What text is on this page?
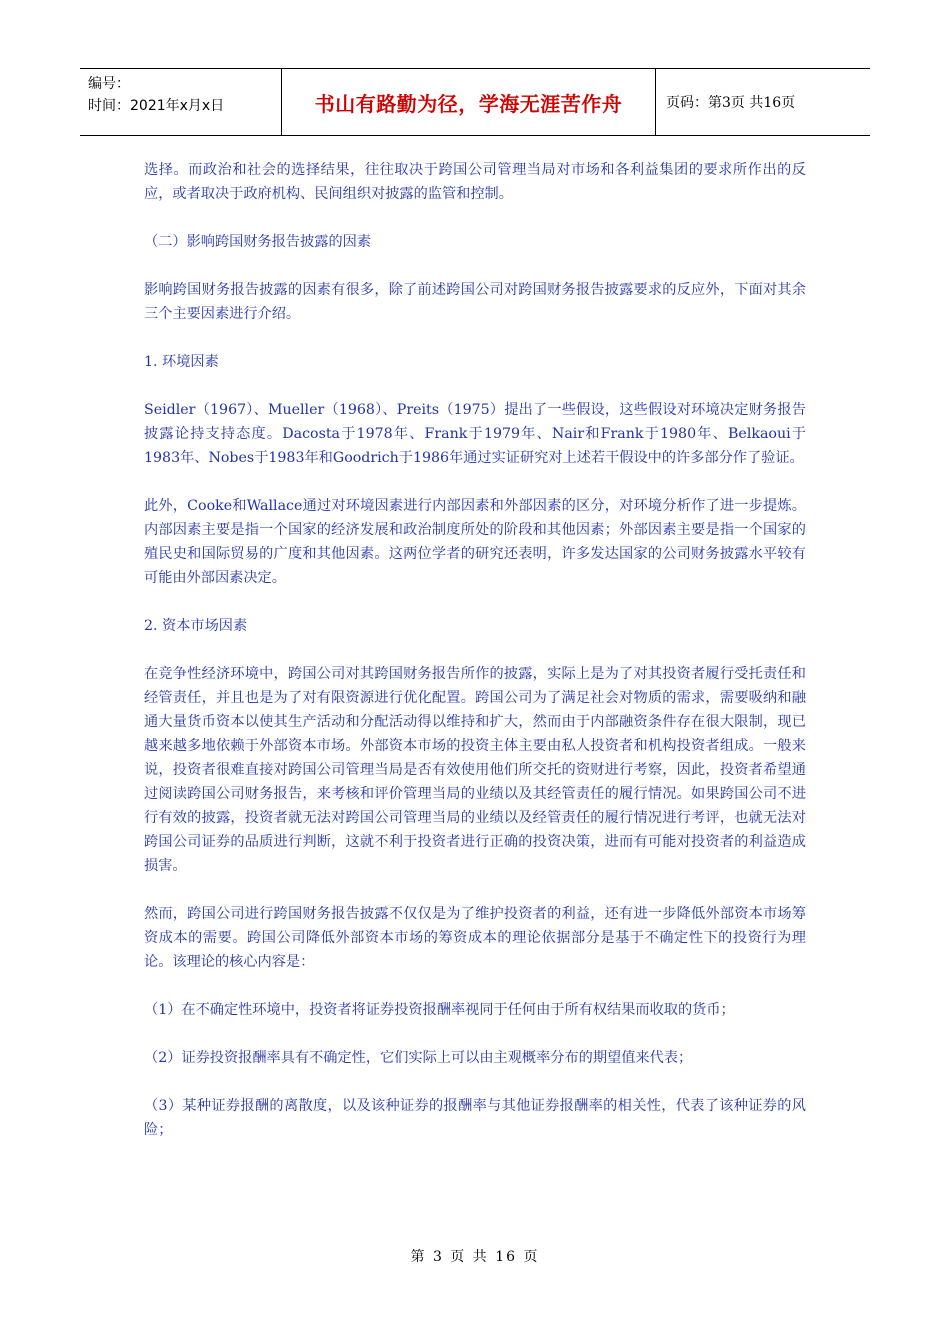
编号：
时间：2021年x月x日	书山有路勤为径，学海无涯苦作舟	页码：第3页 共16页

选择。而政治和社会的选择结果，往往取决于跨国公司管理当局对市场和各利益集团的要求所作出的反应，或者取决于政府机构、民间组织对披露的监管和控制。

（二）影响跨国财务报告披露的因素

影响跨国财务报告披露的因素有很多，除了前述跨国公司对跨国财务报告披露要求的反应外，下面对其余三个主要因素进行介绍。

1. 环境因素

Seidler（1967）、Mueller（1968）、Preits（1975）提出了一些假设，这些假设对环境决定财务报告披露论持支持态度。Dacosta于1978年、Frank于1979年、Nair和Frank于1980年、Belkaoui于1983年、Nobes于1983年和Goodrich于1986年通过实证研究对上述若干假设中的许多部分作了验证。

此外，Cooke和Wallace通过对环境因素进行内部因素和外部因素的区分，对环境分析作了进一步提炼。内部因素主要是指一个国家的经济发展和政治制度所处的阶段和其他因素；外部因素主要是指一个国家的殖民史和国际贸易的广度和其他因素。这两位学者的研究还表明，许多发达国家的公司财务披露水平较有可能由外部因素决定。

2. 资本市场因素

在竞争性经济环境中，跨国公司对其跨国财务报告所作的披露，实际上是为了对其投资者履行受托责任和经管责任，并且也是为了对有限资源进行优化配置。跨国公司为了满足社会对物质的需求，需要吸纳和融通大量货币资本以使其生产活动和分配活动得以维持和扩大，然而由于内部融资条件存在很大限制，现已越来越多地依赖于外部资本市场。外部资本市场的投资主体主要由私人投资者和机构投资者组成。一般来说，投资者很难直接对跨国公司管理当局是否有效使用他们所交托的资财进行考察，因此，投资者希望通过阅读跨国公司财务报告，来考核和评价管理当局的业绩以及其经管责任的履行情况。如果跨国公司不进行有效的披露，投资者就无法对跨国公司管理当局的业绩以及经管责任的履行情况进行考评，也就无法对跨国公司证券的品质进行判断，这就不利于投资者进行正确的投资决策，进而有可能对投资者的利益造成损害。

然而，跨国公司进行跨国财务报告披露不仅仅是为了维护投资者的利益，还有进一步降低外部资本市场筹资成本的需要。跨国公司降低外部资本市场的筹资成本的理论依据部分是基于不确定性下的投资行为理论。该理论的核心内容是：

（1）在不确定性环境中，投资者将证券投资报酬率视同于任何由于所有权结果而收取的货币；

（2）证券投资报酬率具有不确定性，它们实际上可以由主观概率分布的期望值来代表；

（3）某种证券报酬的离散度，以及该种证券的报酬率与其他证券报酬率的相关性，代表了该种证券的风险；

第 3 页 共 16 页
